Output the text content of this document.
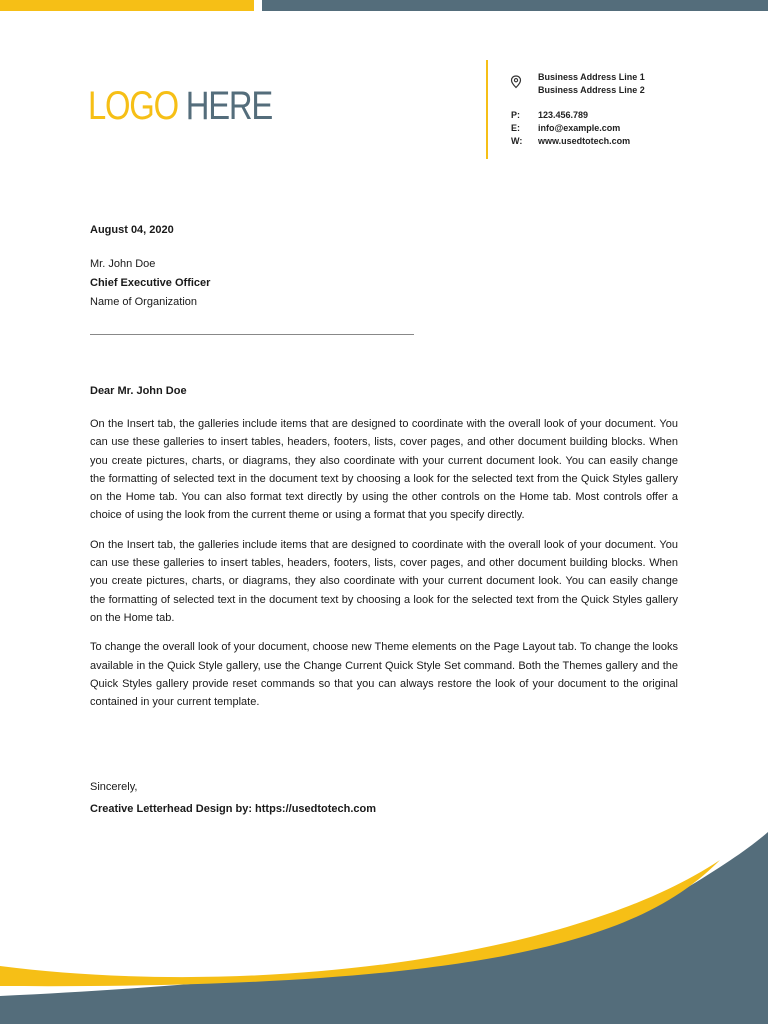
LOGO HERE
Business Address Line 1
Business Address Line 2
P:
E:
W:
123.456.789
info@example.com
www.usedtotech.com
August 04, 2020
Mr. John Doe
Chief Executive Officer
Name of Organization
Dear Mr. John Doe

On the Insert tab, the galleries include items that are designed to coordinate with the overall look of your document. You can use these galleries to insert tables, headers, footers, lists, cover pages, and other document building blocks. When you create pictures, charts, or diagrams, they also coordinate with your current document look. You can easily change the formatting of selected text in the document text by choosing a look for the selected text from the Quick Styles gallery on the Home tab. You can also format text directly by using the other controls on the Home tab. Most controls offer a choice of using the look from the current theme or using a format that you specify directly.

On the Insert tab, the galleries include items that are designed to coordinate with the overall look of your document. You can use these galleries to insert tables, headers, footers, lists, cover pages, and other document building blocks. When you create pictures, charts, or diagrams, they also coordinate with your current document look. You can easily change the formatting of selected text in the document text by choosing a look for the selected text from the Quick Styles gallery on the Home tab.

To change the overall look of your document, choose new Theme elements on the Page Layout tab. To change the looks available in the Quick Style gallery, use the Change Current Quick Style Set command. Both the Themes gallery and the Quick Styles gallery provide reset commands so that you can always restore the look of your document to the original contained in your current template.

Sincerely,
Creative Letterhead Design by: https://usedtotech.com
